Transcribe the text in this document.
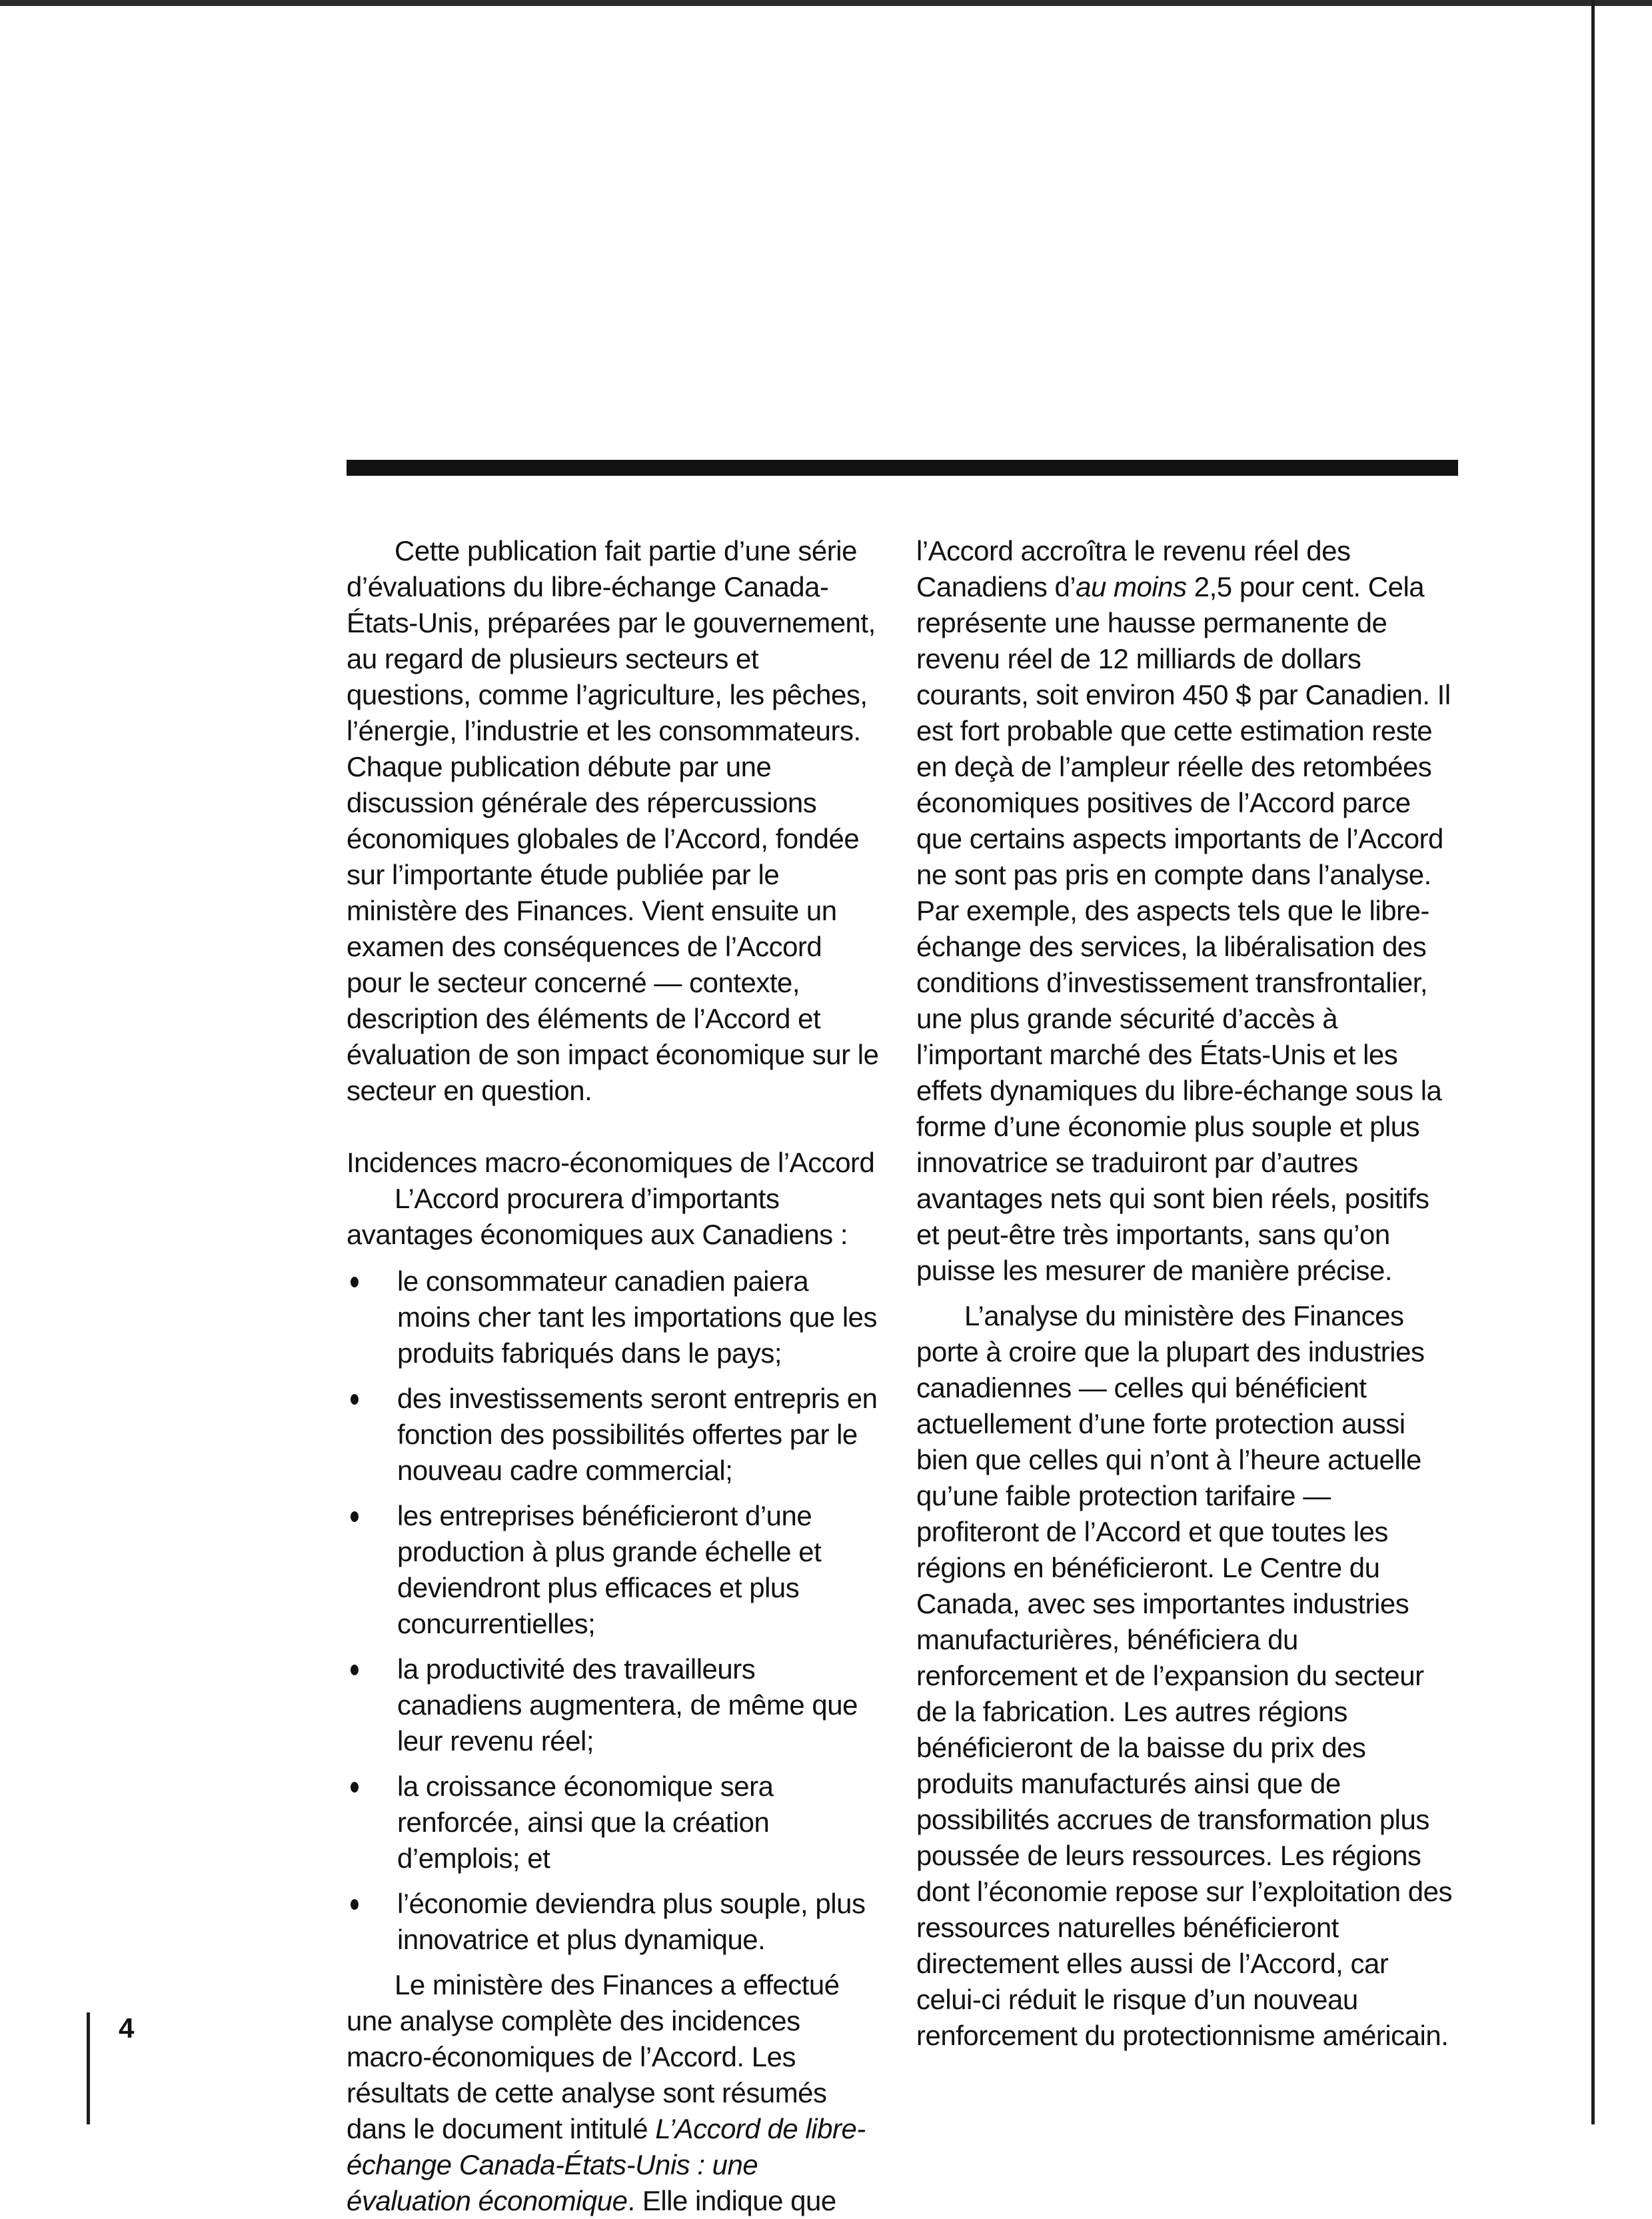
Cette publication fait partie d’une série d’évaluations du libre-échange Canada-États-Unis, préparées par le gouvernement, au regard de plusieurs secteurs et questions, comme l’agriculture, les pêches, l’énergie, l’industrie et les consommateurs. Chaque publication débute par une discussion générale des répercussions économiques globales de l’Accord, fondée sur l’importante étude publiée par le ministère des Finances. Vient ensuite un examen des conséquences de l’Accord pour le secteur concerné — contexte, description des éléments de l’Accord et évaluation de son impact économique sur le secteur en question.

Incidences macro-économiques de l’Accord

L’Accord procurera d’importants avantages économiques aux Canadiens :

le consommateur canadien paiera moins cher tant les importations que les produits fabriqués dans le pays;
des investissements seront entrepris en fonction des possibilités offertes par le nouveau cadre commercial;
les entreprises bénéficieront d’une production à plus grande échelle et deviendront plus efficaces et plus concurrentielles;
la productivité des travailleurs canadiens augmentera, de même que leur revenu réel;
la croissance économique sera renforcée, ainsi que la création d’emplois; et
l’économie deviendra plus souple, plus innovatrice et plus dynamique.

Le ministère des Finances a effectué une analyse complète des incidences macro-économiques de l’Accord. Les résultats de cette analyse sont résumés dans le document intitulé L’Accord de libre-échange Canada-États-Unis : une évaluation économique. Elle indique que

l’Accord accroîtra le revenu réel des Canadiens d’au moins 2,5 pour cent. Cela représente une hausse permanente de revenu réel de 12 milliards de dollars courants, soit environ 450 $ par Canadien. Il est fort probable que cette estimation reste en deçà de l’ampleur réelle des retombées économiques positives de l’Accord parce que certains aspects importants de l’Accord ne sont pas pris en compte dans l’analyse. Par exemple, des aspects tels que le libre-échange des services, la libéralisation des conditions d’investissement transfrontalier, une plus grande sécurité d’accès à l’important marché des États-Unis et les effets dynamiques du libre-échange sous la forme d’une économie plus souple et plus innovatrice se traduiront par d’autres avantages nets qui sont bien réels, positifs et peut-être très importants, sans qu’on puisse les mesurer de manière précise.

L’analyse du ministère des Finances porte à croire que la plupart des industries canadiennes — celles qui bénéficient actuellement d’une forte protection aussi bien que celles qui n’ont à l’heure actuelle qu’une faible protection tarifaire — profiteront de l’Accord et que toutes les régions en bénéficieront. Le Centre du Canada, avec ses importantes industries manufacturières, bénéficiera du renforcement et de l’expansion du secteur de la fabrication. Les autres régions bénéficieront de la baisse du prix des produits manufacturés ainsi que de possibilités accrues de transformation plus poussée de leurs ressources. Les régions dont l’économie repose sur l’exploitation des ressources naturelles bénéficieront directement elles aussi de l’Accord, car celui-ci réduit le risque d’un nouveau renforcement du protectionnisme américain.

4
